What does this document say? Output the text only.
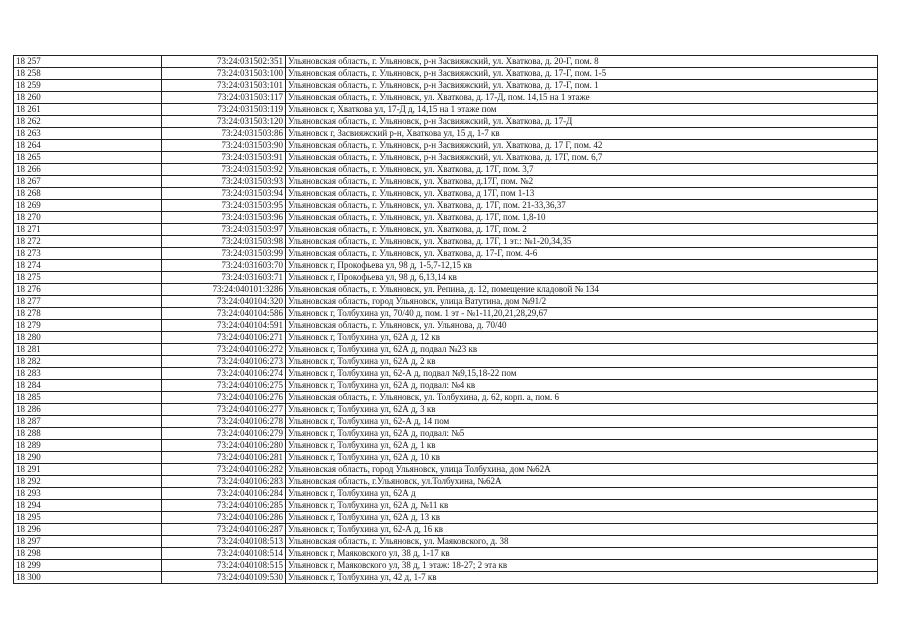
18 257	73:24:031502:351	Ульяновская область, г. Ульяновск, р-н Засвияжский, ул. Хваткова, д. 20-Г, пом. 8
18 258	73:24:031503:100	Ульяновская область, г. Ульяновск, р-н Засвияжский, ул. Хваткова, д. 17-Г, пом. 1-5
18 259	73:24:031503:101	Ульяновская область, г. Ульяновск, р-н Засвияжский, ул. Хваткова, д. 17-Г, пом. 1
18 260	73:24:031503:117	Ульяновская область, г. Ульяновск, ул. Хваткова, д. 17-Д, пом. 14,15 на 1 этаже
18 261	73:24:031503:119	Ульяновск г, Хваткова ул, 17-Д д, 14,15 на 1 этаже пом
18 262	73:24:031503:120	Ульяновская область, г. Ульяновск, р-н Засвияжский, ул. Хваткова, д. 17-Д
18 263	73:24:031503:86	Ульяновск г, Засвияжский р-н, Хваткова ул, 15 д, 1-7 кв
18 264	73:24:031503:90	Ульяновская область, г. Ульяновск, р-н Засвияжский, ул. Хваткова, д. 17 Г, пом. 42
18 265	73:24:031503:91	Ульяновская область, г. Ульяновск, р-н Засвияжский, ул. Хваткова, д. 17Г, пом. 6,7
18 266	73:24:031503:92	Ульяновская область, г. Ульяновск, ул. Хваткова, д. 17Г, пом. 3,7
18 267	73:24:031503:93	Ульяновская область, г. Ульяновск, ул. Хваткова, д.17Г, пом. №2
18 268	73:24:031503:94	Ульяновская область, г. Ульяновск, ул. Хваткова, д 17Г, пом 1-13
18 269	73:24:031503:95	Ульяновская область, г. Ульяновск, ул. Хваткова, д. 17Г, пом. 21-33,36,37
18 270	73:24:031503:96	Ульяновская область, г. Ульяновск, ул. Хваткова, д. 17Г, пом. 1,8-10
18 271	73:24:031503:97	Ульяновская область, г. Ульяновск, ул. Хваткова, д. 17Г, пом. 2
18 272	73:24:031503:98	Ульяновская область, г. Ульяновск, ул. Хваткова, д. 17Г, 1 эт.: №1-20,34,35
18 273	73:24:031503:99	Ульяновская область, г. Ульяновск, ул. Хваткова, д. 17-Г, пом. 4-6
18 274	73:24:031603:70	Ульяновск г, Прокофьева ул, 98 д, 1-5,7-12,15 кв
18 275	73:24:031603:71	Ульяновск г, Прокофьева ул, 98 д, 6,13,14 кв
18 276	73:24:040101:3286	Ульяновская область, г. Ульяновск, ул. Репина, д. 12, помещение кладовой № 134
18 277	73:24:040104:320	Ульяновская область, город Ульяновск, улица Ватутина, дом №91/2
18 278	73:24:040104:586	Ульяновск г, Толбухина ул, 70/40 д, пом. 1 эт - №1-11,20,21,28,29,67
18 279	73:24:040104:591	Ульяновская область, г. Ульяновск, ул. Ульянова, д. 70/40
18 280	73:24:040106:271	Ульяновск г, Толбухина ул, 62А д, 12 кв
18 281	73:24:040106:272	Ульяновск г, Толбухина ул, 62А д, подвал №23 кв
18 282	73:24:040106:273	Ульяновск г, Толбухина ул, 62А д, 2 кв
18 283	73:24:040106:274	Ульяновск г, Толбухина ул, 62-А д, подвал №9,15,18-22 пом
18 284	73:24:040106:275	Ульяновск г, Толбухина ул, 62А д, подвал: №4 кв
18 285	73:24:040106:276	Ульяновская область, г. Ульяновск, ул. Толбухина, д. 62, корп. а, пом. 6
18 286	73:24:040106:277	Ульяновск г, Толбухина ул, 62А д, 3 кв
18 287	73:24:040106:278	Ульяновск г, Толбухина ул, 62-А д, 14 пом
18 288	73:24:040106:279	Ульяновск г, Толбухина ул, 62А д, подвал: №5
18 289	73:24:040106:280	Ульяновск г, Толбухина ул, 62А д, 1 кв
18 290	73:24:040106:281	Ульяновск г, Толбухина ул, 62А д, 10 кв
18 291	73:24:040106:282	Ульяновская область, город Ульяновск, улица Толбухина, дом №62А
18 292	73:24:040106:283	Ульяновская область, г.Ульяновск, ул.Толбухина, №62А
18 293	73:24:040106:284	Ульяновск г, Толбухина ул, 62А д
18 294	73:24:040106:285	Ульяновск г, Толбухина ул, 62А д, №11 кв
18 295	73:24:040106:286	Ульяновск г, Толбухина ул, 62А д, 13 кв
18 296	73:24:040106:287	Ульяновск г, Толбухина ул, 62-А д, 16 кв
18 297	73:24:040108:513	Ульяновская область, г. Ульяновск, ул. Маяковского, д. 38
18 298	73:24:040108:514	Ульяновск г, Маяковского ул, 38 д, 1-17 кв
18 299	73:24:040108:515	Ульяновск г, Маяковского ул, 38 д, 1 этаж: 18-27; 2 эта кв
18 300	73:24:040109:530	Ульяновск г, Толбухина ул, 42 д, 1-7 кв
